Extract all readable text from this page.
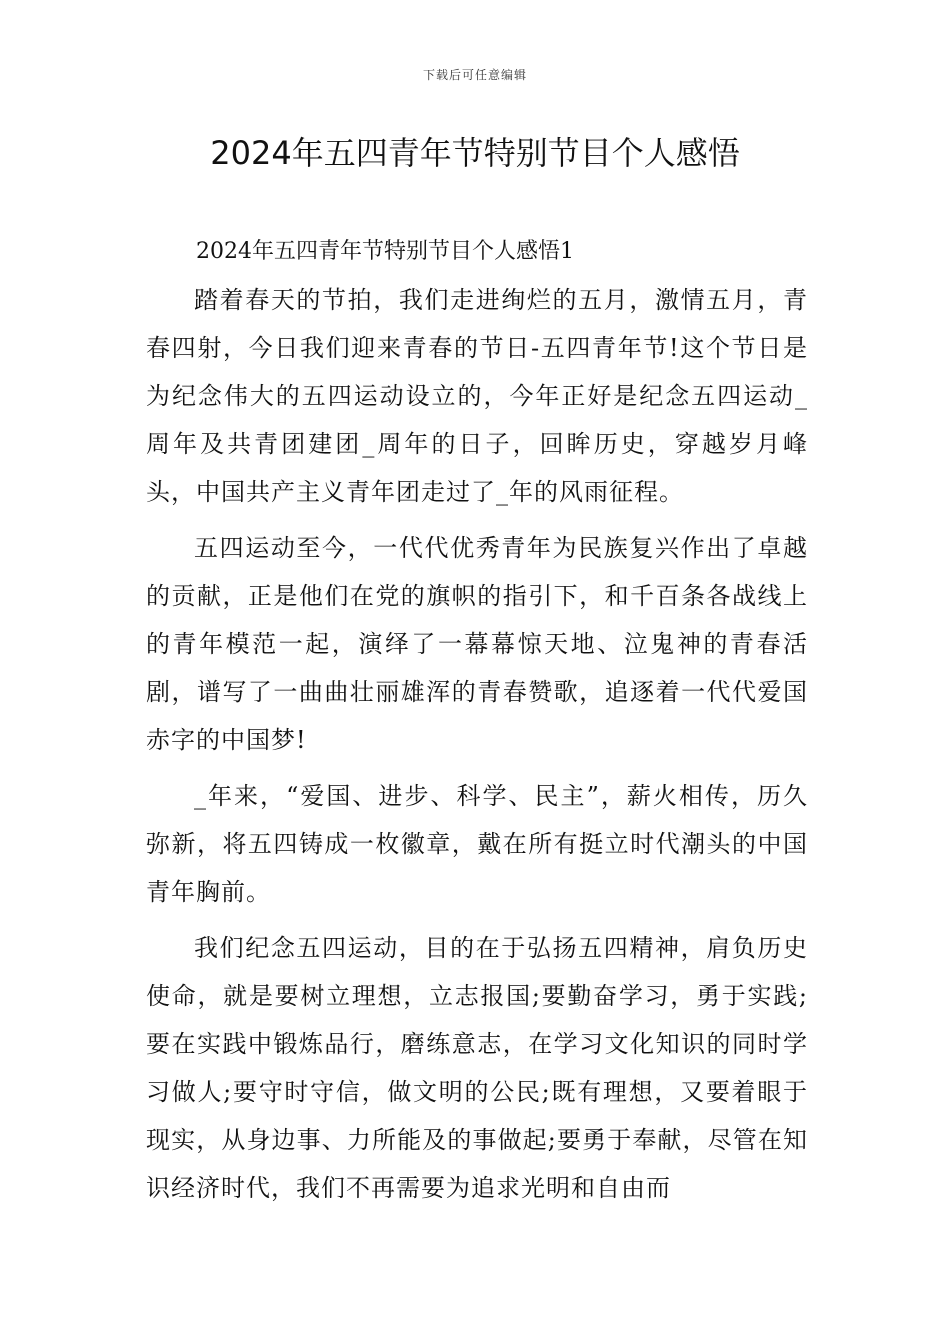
下载后可任意编辑
2024年五四青年节特别节目个人感悟

2024年五四青年节特别节目个人感悟1

踏着春天的节拍，我们走进绚烂的五月，激情五月，青春四射，今日我们迎来青春的节日-五四青年节!这个节日是为纪念伟大的五四运动设立的，今年正好是纪念五四运动_周年及共青团建团_周年的日子，回眸历史，穿越岁月峰头，中国共产主义青年团走过了_年的风雨征程。

五四运动至今，一代代优秀青年为民族复兴作出了卓越的贡献，正是他们在党的旗帜的指引下，和千百条各战线上的青年模范一起，演绎了一幕幕惊天地、泣鬼神的青春活剧，谱写了一曲曲壮丽雄浑的青春赞歌，追逐着一代代爱国赤字的中国梦!

_年来，“爱国、进步、科学、民主”，薪火相传，历久弥新，将五四铸成一枚徽章，戴在所有挺立时代潮头的中国青年胸前。

我们纪念五四运动，目的在于弘扬五四精神，肩负历史使命，就是要树立理想，立志报国;要勤奋学习，勇于实践;要在实践中锻炼品行，磨练意志，在学习文化知识的同时学习做人;要守时守信，做文明的公民;既有理想，又要着眼于现实，从身边事、力所能及的事做起;要勇于奉献，尽管在知识经济时代，我们不再需要为追求光明和自由而
